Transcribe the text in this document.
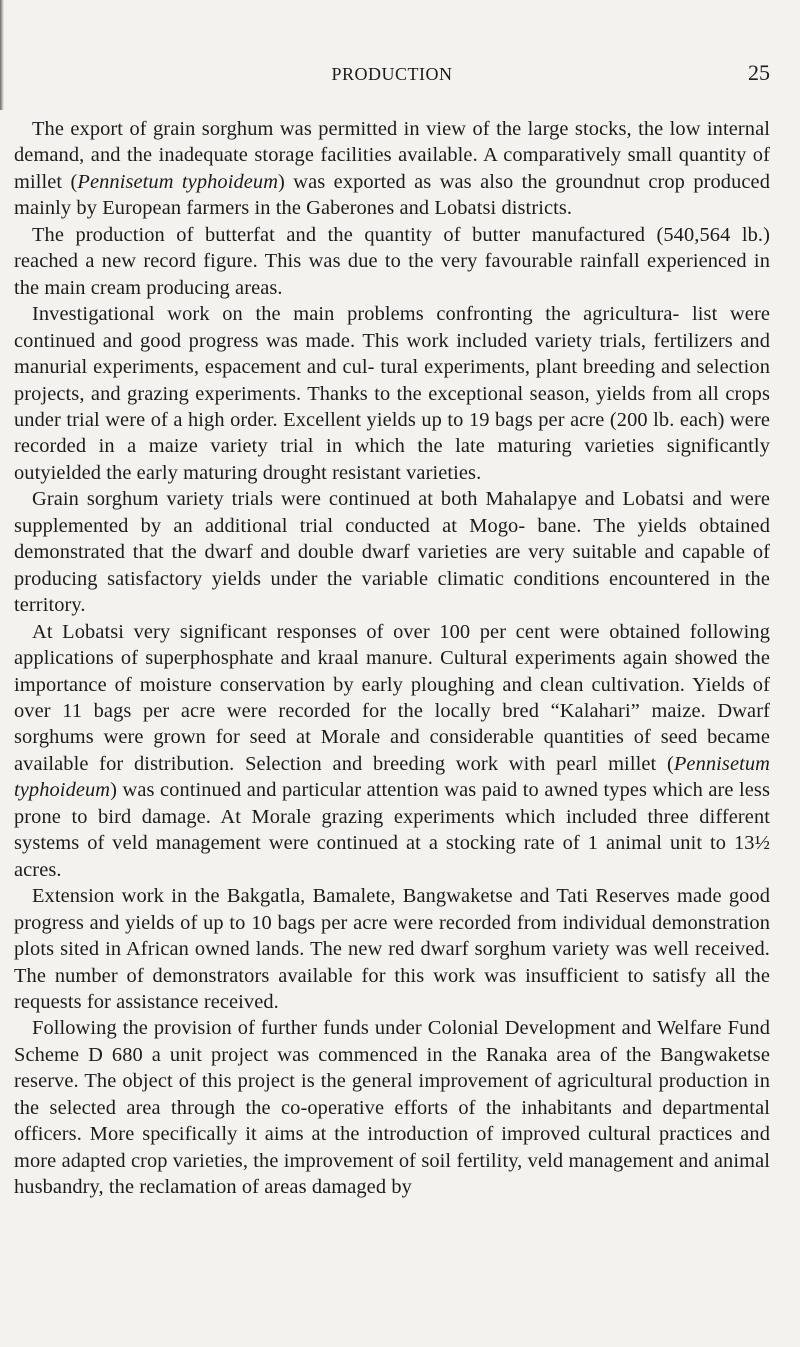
PRODUCTION	25

The export of grain sorghum was permitted in view of the large stocks, the low internal demand, and the inadequate storage facilities available. A comparatively small quantity of millet (Pennisetum typhoideum) was exported as was also the groundnut crop produced mainly by European farmers in the Gaberones and Lobatsi districts.

The production of butterfat and the quantity of butter manufactured (540,564 lb.) reached a new record figure. This was due to the very favourable rainfall experienced in the main cream producing areas.

Investigational work on the main problems confronting the agricultura- list were continued and good progress was made. This work included variety trials, fertilizers and manurial experiments, espacement and cul- tural experiments, plant breeding and selection projects, and grazing experiments. Thanks to the exceptional season, yields from all crops under trial were of a high order. Excellent yields up to 19 bags per acre (200 lb. each) were recorded in a maize variety trial in which the late maturing varieties significantly outyielded the early maturing drought resistant varieties.

Grain sorghum variety trials were continued at both Mahalapye and Lobatsi and were supplemented by an additional trial conducted at Mogo- bane. The yields obtained demonstrated that the dwarf and double dwarf varieties are very suitable and capable of producing satisfactory yields under the variable climatic conditions encountered in the territory.

At Lobatsi very significant responses of over 100 per cent were obtained following applications of superphosphate and kraal manure. Cultural experiments again showed the importance of moisture conservation by early ploughing and clean cultivation. Yields of over 11 bags per acre were recorded for the locally bred “Kalahari” maize. Dwarf sorghums were grown for seed at Morale and considerable quantities of seed became available for distribution. Selection and breeding work with pearl millet (Pennisetum typhoideum) was continued and particular attention was paid to awned types which are less prone to bird damage. At Morale grazing experiments which included three different systems of veld management were continued at a stocking rate of 1 animal unit to 13½ acres.

Extension work in the Bakgatla, Bamalete, Bangwaketse and Tati Reserves made good progress and yields of up to 10 bags per acre were recorded from individual demonstration plots sited in African owned lands. The new red dwarf sorghum variety was well received. The number of demonstrators available for this work was insufficient to satisfy all the requests for assistance received.

Following the provision of further funds under Colonial Development and Welfare Fund Scheme D 680 a unit project was commenced in the Ranaka area of the Bangwaketse reserve. The object of this project is the general improvement of agricultural production in the selected area through the co-operative efforts of the inhabitants and departmental officers. More specifically it aims at the introduction of improved cultural practices and more adapted crop varieties, the improvement of soil fertility, veld management and animal husbandry, the reclamation of areas damaged by
